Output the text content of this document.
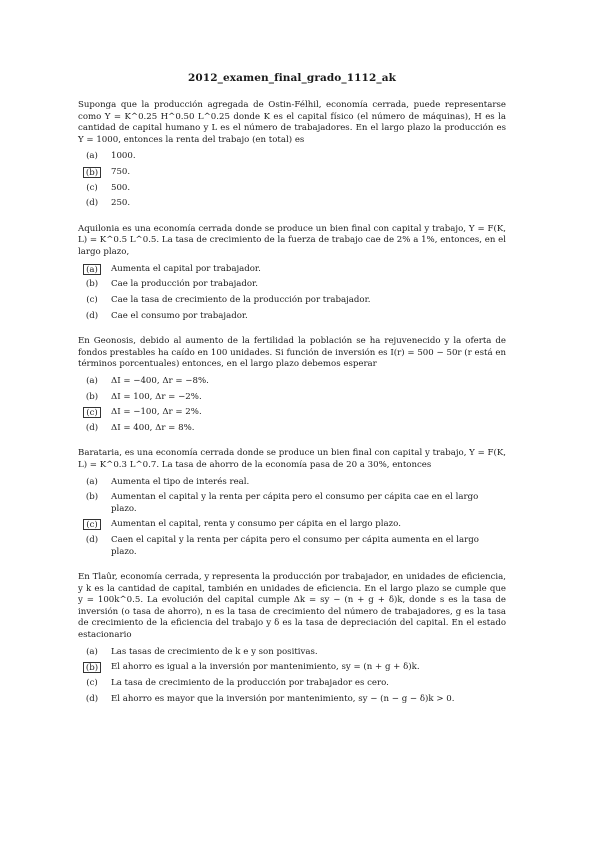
2012_examen_final_grado_1112_ak
Suponga que la producción agregada de Ostin-Félhil, economía cerrada, puede representarse como Y = K^0.25 H^0.50 L^0.25 donde K es el capital físico (el número de máquinas), H es la cantidad de capital humano y L es el número de trabajadores. En el largo plazo la producción es Y = 1000, entonces la renta del trabajo (en total) es
(a)	1000.
(b)	750.
(c)	500.
(d)	250.
Aquilonia es una economía cerrada donde se produce un bien final con capital y trabajo, Y = F(K, L) = K^0.5 L^0.5. La tasa de crecimiento de la fuerza de trabajo cae de 2% a 1%, entonces, en el largo plazo,
(a)	Aumenta el capital por trabajador.
(b)	Cae la producción por trabajador.
(c)	Cae la tasa de crecimiento de la producción por trabajador.
(d)	Cae el consumo por trabajador.
En Geonosis, debido al aumento de la fertilidad la población se ha rejuvenecido y la oferta de fondos prestables ha caído en 100 unidades. Si función de inversión es I(r) = 500 − 50r (r está en términos porcentuales) entonces, en el largo plazo debemos esperar
(a)	ΔI = −400, Δr = −8%.
(b)	ΔI = 100, Δr = −2%.
(c)	ΔI = −100, Δr = 2%.
(d)	ΔI = 400, Δr = 8%.
Barataria, es una economía cerrada donde se produce un bien final con capital y trabajo, Y = F(K, L) = K^0.3 L^0.7. La tasa de ahorro de la economía pasa de 20 a 30%, entonces
(a)	Aumenta el tipo de interés real.
(b)	Aumentan el capital y la renta per cápita pero el consumo per cápita cae en el largo plazo.
(c)	Aumentan el capital, renta y consumo per cápita en el largo plazo.
(d)	Caen el capital y la renta per cápita pero el consumo per cápita aumenta en el largo plazo.
En Tlaûr, economía cerrada, y representa la producción por trabajador, en unidades de eficiencia, y k es la cantidad de capital, también en unidades de eficiencia. En el largo plazo se cumple que y = 100k^0.5. La evolución del capital cumple Δk = sy − (n + g + δ)k, donde s es la tasa de inversión (o tasa de ahorro), n es la tasa de crecimiento del número de trabajadores, g es la tasa de crecimiento de la eficiencia del trabajo y δ es la tasa de depreciación del capital. En el estado estacionario
(a)	Las tasas de crecimiento de k e y son positivas.
(b)	El ahorro es igual a la inversión por mantenimiento, sy = (n + g + δ)k.
(c)	La tasa de crecimiento de la producción por trabajador es cero.
(d)	El ahorro es mayor que la inversión por mantenimiento, sy − (n − g − δ)k > 0.
